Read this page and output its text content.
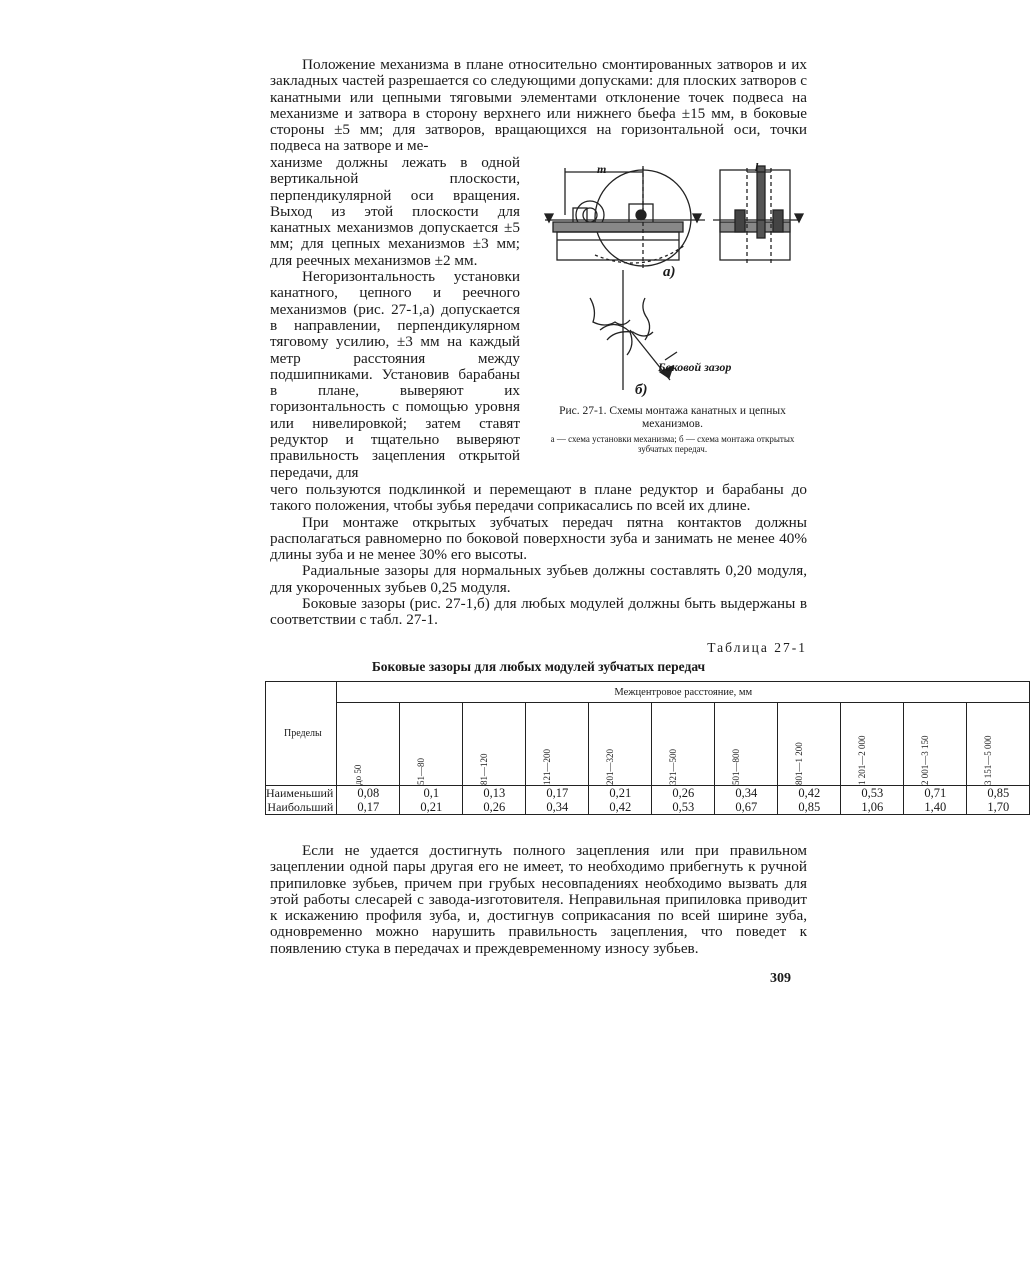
Положение механизма в плане относительно смонтированных затворов и их закладных частей разрешается со следующими допусками: для плоских затворов с канатными или цепными тяговыми элементами отклонение точек подвеса на механизме и затвора в сторону верхнего или нижнего бьефа ±15 мм, в боковые стороны ±5 мм; для затворов, вращающихся на горизонтальной оси, точки подвеса на затворе и ме-

ханизме должны лежать в одной вертикальной плоскости, перпендикулярной оси вращения. Выход из этой плоскости для канатных механизмов допускается ±5 мм; для цепных механизмов ±3 мм; для реечных механизмов ±2 мм.

Негоризонтальность установки канатного, цепного и реечного механизмов (рис. 27-1,а) допускается в направлении, перпендикулярном тяговому усилию, ±3 мм на каждый метр расстояния между подшипниками. Установив барабаны в плане, выверяют их горизонтальность с помощью уровня или нивелировкой; затем ставят редуктор и тщательно выверяют правильность зацепления открытой передачи, для

чего пользуются подклинкой и перемещают в плане редуктор и барабаны до такого положения, чтобы зубья передачи соприкасались по всей их длине.

При монтаже открытых зубчатых передач пятна контактов должны располагаться равномерно по боковой поверхности зуба и занимать не менее 40% длины зуба и не менее 30% его высоты.

Радиальные зазоры для нормальных зубьев должны составлять 0,20 модуля, для укороченных зубьев 0,25 модуля.

Боковые зазоры (рис. 27-1,б) для любых модулей должны быть выдержаны в соответствии с табл. 27-1.

m	l
а)
Боковой зазор
б)
Рис. 27-1. Схемы монтажа канатных и цепных механизмов.
а — схема установки механизма; б — схема монтажа открытых зубчатых передач.
Таблица 27-1
Боковые зазоры для любых модулей зубчатых передач
Пределы	Межцентровое расстояние, мм										

	до 50	51—80	81—120	121—200	201—320	321—500	501—800	801—1 200	1 201—2 000	2 001—3 150	3 151—5 000

Наименьший	0,08	0,1	0,13	0,17	0,21	0,26	0,34	0,42	0,53	0,71	0,85
Наибольший	0,17	0,21	0,26	0,34	0,42	0,53	0,67	0,85	1,06	1,40	1,70

Если не удается достигнуть полного зацепления или при правильном зацеплении одной пары другая его не имеет, то необходимо прибегнуть к ручной припиловке зубьев, причем при грубых несовпадениях необходимо вызвать для этой работы слесарей с завода-изготовителя. Неправильная припиловка приводит к искажению профиля зуба, и, достигнув соприкасания по всей ширине зуба, одновременно можно нарушить правильность зацепления, что поведет к появлению стука в передачах и преждевременному износу зубьев.

309
